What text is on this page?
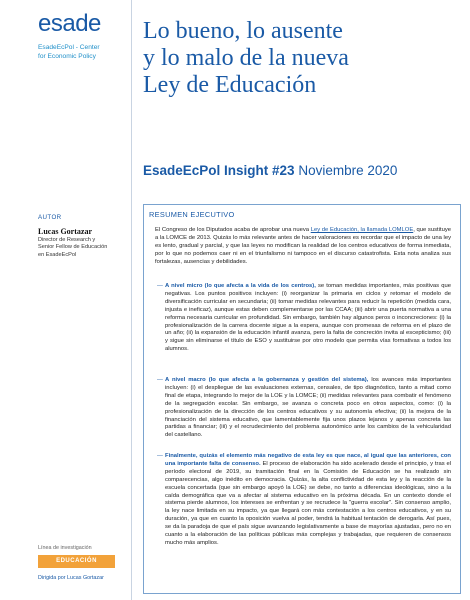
esade
EsadeEcPol - Center
for Economic Policy
AUTOR
Lucas Gortazar
Director de Research y
Senior Fellow de Educación
en EsadeEcPol
Línea de investigación
EDUCACIÓN
Dirigida por Lucas Gortazar
Lo bueno, lo ausente
y lo malo de la nueva
Ley de Educación
EsadeEcPol Insight #23 Noviembre 2020
RESUMEN EJECUTIVO
El Congreso de los Diputados acaba de aprobar una nueva Ley de Educación, la llamada LOMLOE, que sustituye a la LOMCE de 2013. Quizás lo más relevante antes de hacer valoraciones es recordar que el impacto de una ley es lento, gradual y parcial, y que las leyes no modifican la realidad de los centros educativos de forma inmediata, por lo que no podemos caer ni en el triunfalismo ni tampoco en el discurso catastrofista. Esta nota analiza sus fortalezas, ausencias y debilidades.
— A nivel micro (lo que afecta a la vida de los centros), se toman medidas importantes, más positivas que negativas. Los puntos positivos incluyen: (i) reorganizar la primaria en ciclos y retomar el modelo de diversificación curricular en secundaria; (ii) tomar medidas relevantes para reducir la repetición (medida cara, injusta e ineficaz), aunque estas deben complementarse por las CCAA; (iii) abrir una puerta normativa a una reforma necesaria curricular en profundidad. Sin embargo, también hay algunos peros o inconcreciones: (i) la profesionalización de la carrera docente sigue a la espera, aunque con promesas de reforma en el plazo de un año; (ii) la expansión de la educación infantil avanza, pero la falta de concreción invita al escepticismo; (iii) y sigue sin eliminarse el título de ESO y sustituirse por otro modelo que permita vías formativas a todos los alumnos.
— A nivel macro (lo que afecta a la gobernanza y gestión del sistema), los avances más importantes incluyen: (i) el despliegue de las evaluaciones externas, censales, de tipo diagnóstico, tanto a mitad como final de etapa, integrando lo mejor de la LOE y la LOMCE; (ii) medidas relevantes para combatir el fenómeno de la segregación escolar. Sin embargo, se avanza o concreta poco en otros aspectos, como: (i) la profesionalización de la dirección de los centros educativos y su autonomía efectiva; (ii) la mejora de la financiación del sistema educativo, que lamentablemente fija unos plazos lejanos y apenas concreta las partidas a financiar; (iii) y el recrudecimiento del problema autonómico ante los cambios de la vehicularidad del castellano.
— Finalmente, quizás el elemento más negativo de esta ley es que nace, al igual que las anteriores, con una importante falta de consenso. El proceso de elaboración ha sido acelerado desde el principio, y tras el período electoral de 2019, su tramitación final en la Comisión de Educación se ha realizado sin comparecencias, algo inédito en democracia. Quizás, la alta conflictividad de esta ley y la reacción de la escuela concertada (que sin embargo apoyó la LOE) se debe, no tanto a diferencias ideológicas, sino a la caída demográfica que va a afectar al sistema educativo en la próxima década. En un contexto donde el sistema pierde alumnos, los intereses se enfrentan y se recrudece la "guerra escolar". Sin consenso amplio, la ley nace limitada en su impacto, ya que llegará con más contestación a los centros educativos, y en su duración, ya que en cuanto la oposición vuelva al poder, tendrá la habitual tentación de derogarla. Así pues, se da la paradoja de que el país sigue avanzando legislativamente a base de mayorías ajustadas, pero no en cuanto a la elaboración de las políticas públicas más complejas y trabajadas, que requieren de consensos mucho más amplios.
